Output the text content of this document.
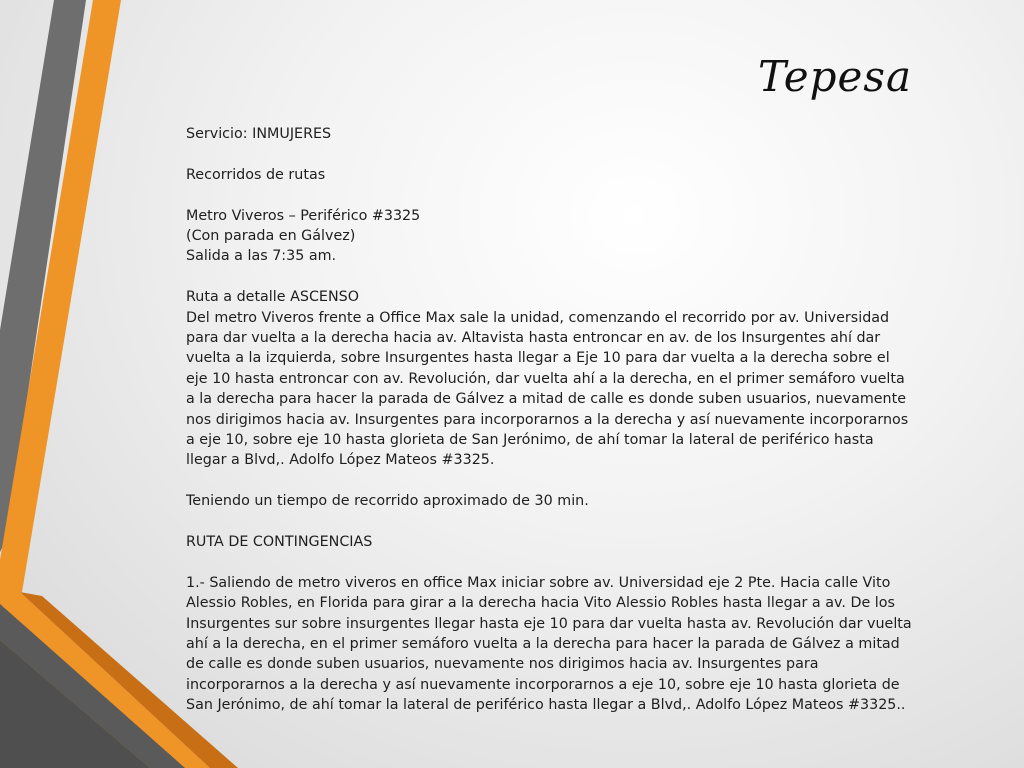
Tepesa

Servicio: INMUJERES

Recorridos de rutas

Metro Viveros – Periférico #3325

(Con parada en Gálvez)

Salida a las 7:35 am.

Ruta a detalle ASCENSO

Del metro Viveros frente a Office Max sale la unidad, comenzando el recorrido por av. Universidad para dar vuelta a la derecha hacia av. Altavista hasta entroncar en av. de los Insurgentes ahí dar vuelta a la izquierda, sobre Insurgentes hasta llegar a Eje 10 para dar vuelta a la derecha sobre el eje 10 hasta entroncar con av. Revolución, dar vuelta ahí a la derecha, en el primer semáforo vuelta a la derecha para hacer la parada de Gálvez a mitad de calle es donde suben usuarios, nuevamente nos dirigimos hacia av. Insurgentes para incorporarnos a la derecha y así nuevamente incorporarnos a eje 10, sobre eje 10 hasta glorieta de San Jerónimo, de ahí tomar la lateral de periférico hasta llegar a Blvd,. Adolfo López Mateos #3325.

Teniendo un tiempo de recorrido aproximado de 30 min.

RUTA DE CONTINGENCIAS

1.- Saliendo de metro viveros en office Max iniciar sobre av. Universidad eje 2 Pte. Hacia calle Vito Alessio Robles, en Florida para girar a la derecha hacia Vito Alessio Robles hasta llegar a av. De los Insurgentes sur sobre insurgentes llegar hasta eje 10 para dar vuelta hasta av. Revolución dar vuelta ahí a la derecha, en el primer semáforo vuelta a la derecha para hacer la parada de Gálvez a mitad de calle es donde suben usuarios, nuevamente nos dirigimos hacia av. Insurgentes para incorporarnos a la derecha y así nuevamente incorporarnos a eje 10, sobre eje 10 hasta glorieta de San Jerónimo, de ahí tomar la lateral de periférico hasta llegar a Blvd,. Adolfo López Mateos #3325..
